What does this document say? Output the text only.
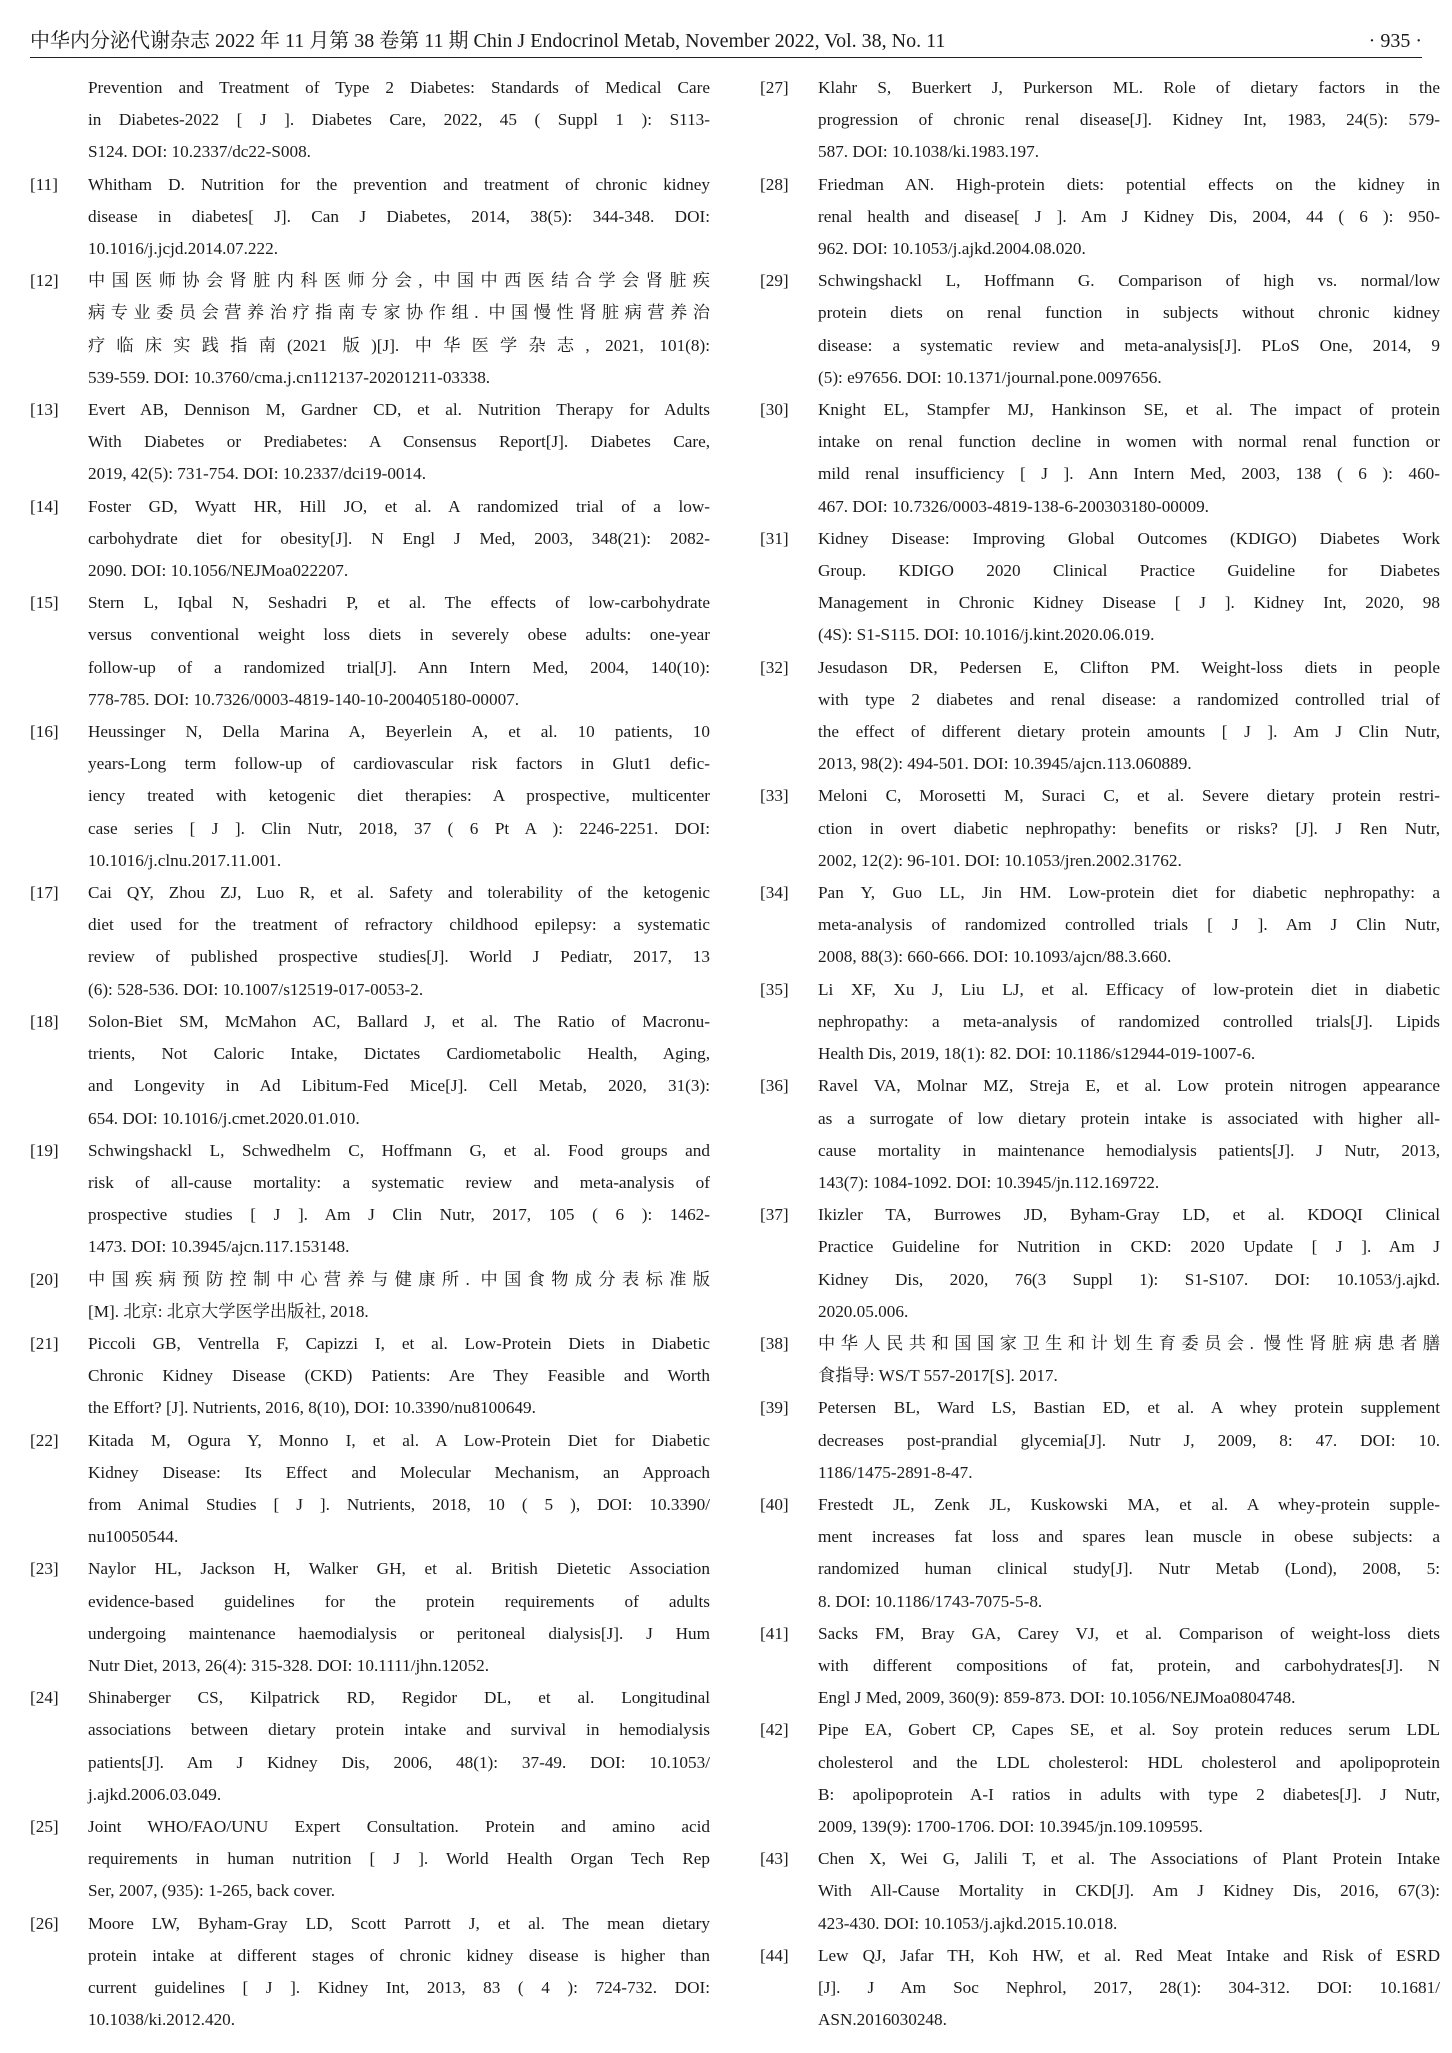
中华内分泌代谢杂志 2022 年 11 月第 38 卷第 11 期 Chin J Endocrinol Metab, November 2022, Vol. 38, No. 11	· 935 ·
Prevention and Treatment of Type 2 Diabetes: Standards of Medical Care
in Diabetes-2022 [ J ]. Diabetes Care, 2022, 45 ( Suppl 1 ): S113-
S124. DOI: 10.2337/dc22-S008.
[11]	Whitham D. Nutrition for the prevention and treatment of chronic kidney
disease in diabetes[ J]. Can J Diabetes, 2014, 38(5): 344-348. DOI:
10.1016/j.jcjd.2014.07.222.
[12]	中国医师协会肾脏内科医师分会, 中国中西医结合学会肾脏疾
病专业委员会营养治疗指南专家协作组. 中国慢性肾脏病营养治
疗临床实践指南(2021 版)[J]. 中华医学杂志, 2021, 101(8):
539-559. DOI: 10.3760/cma.j.cn112137-20201211-03338.
[13]	Evert AB, Dennison M, Gardner CD, et al. Nutrition Therapy for Adults
With Diabetes or Prediabetes: A Consensus Report[J]. Diabetes Care,
2019, 42(5): 731-754. DOI: 10.2337/dci19-0014.
[14]	Foster GD, Wyatt HR, Hill JO, et al. A randomized trial of a low-
carbohydrate diet for obesity[J]. N Engl J Med, 2003, 348(21): 2082-
2090. DOI: 10.1056/NEJMoa022207.
[15]	Stern L, Iqbal N, Seshadri P, et al. The effects of low-carbohydrate
versus conventional weight loss diets in severely obese adults: one-year
follow-up of a randomized trial[J]. Ann Intern Med, 2004, 140(10):
778-785. DOI: 10.7326/0003-4819-140-10-200405180-00007.
[16]	Heussinger N, Della Marina A, Beyerlein A, et al. 10 patients, 10
years-Long term follow-up of cardiovascular risk factors in Glut1 defic-
iency treated with ketogenic diet therapies: A prospective, multicenter
case series [ J ]. Clin Nutr, 2018, 37 ( 6 Pt A ): 2246-2251. DOI:
10.1016/j.clnu.2017.11.001.
[17]	Cai QY, Zhou ZJ, Luo R, et al. Safety and tolerability of the ketogenic
diet used for the treatment of refractory childhood epilepsy: a systematic
review of published prospective studies[J]. World J Pediatr, 2017, 13
(6): 528-536. DOI: 10.1007/s12519-017-0053-2.
[18]	Solon-Biet SM, McMahon AC, Ballard J, et al. The Ratio of Macronu-
trients, Not Caloric Intake, Dictates Cardiometabolic Health, Aging,
and Longevity in Ad Libitum-Fed Mice[J]. Cell Metab, 2020, 31(3):
654. DOI: 10.1016/j.cmet.2020.01.010.
[19]	Schwingshackl L, Schwedhelm C, Hoffmann G, et al. Food groups and
risk of all-cause mortality: a systematic review and meta-analysis of
prospective studies [ J ]. Am J Clin Nutr, 2017, 105 ( 6 ): 1462-
1473. DOI: 10.3945/ajcn.117.153148.
[20]	中国疾病预防控制中心营养与健康所. 中国食物成分表标准版
[M]. 北京: 北京大学医学出版社, 2018.
[21]	Piccoli GB, Ventrella F, Capizzi I, et al. Low-Protein Diets in Diabetic
Chronic Kidney Disease (CKD) Patients: Are They Feasible and Worth
the Effort? [J]. Nutrients, 2016, 8(10), DOI: 10.3390/nu8100649.
[22]	Kitada M, Ogura Y, Monno I, et al. A Low-Protein Diet for Diabetic
Kidney Disease: Its Effect and Molecular Mechanism, an Approach
from Animal Studies [ J ]. Nutrients, 2018, 10 ( 5 ), DOI: 10.3390/
nu10050544.
[23]	Naylor HL, Jackson H, Walker GH, et al. British Dietetic Association
evidence-based guidelines for the protein requirements of adults
undergoing maintenance haemodialysis or peritoneal dialysis[J]. J Hum
Nutr Diet, 2013, 26(4): 315-328. DOI: 10.1111/jhn.12052.
[24]	Shinaberger CS, Kilpatrick RD, Regidor DL, et al. Longitudinal
associations between dietary protein intake and survival in hemodialysis
patients[J]. Am J Kidney Dis, 2006, 48(1): 37-49. DOI: 10.1053/
j.ajkd.2006.03.049.
[25]	Joint WHO/FAO/UNU Expert Consultation. Protein and amino acid
requirements in human nutrition [ J ]. World Health Organ Tech Rep
Ser, 2007, (935): 1-265, back cover.
[26]	Moore LW, Byham-Gray LD, Scott Parrott J, et al. The mean dietary
protein intake at different stages of chronic kidney disease is higher than
current guidelines [ J ]. Kidney Int, 2013, 83 ( 4 ): 724-732. DOI:
10.1038/ki.2012.420.
[27]	Klahr S, Buerkert J, Purkerson ML. Role of dietary factors in the
progression of chronic renal disease[J]. Kidney Int, 1983, 24(5): 579-
587. DOI: 10.1038/ki.1983.197.
[28]	Friedman AN. High-protein diets: potential effects on the kidney in
renal health and disease[ J ]. Am J Kidney Dis, 2004, 44 ( 6 ): 950-
962. DOI: 10.1053/j.ajkd.2004.08.020.
[29]	Schwingshackl L, Hoffmann G. Comparison of high vs. normal/low
protein diets on renal function in subjects without chronic kidney
disease: a systematic review and meta-analysis[J]. PLoS One, 2014, 9
(5): e97656. DOI: 10.1371/journal.pone.0097656.
[30]	Knight EL, Stampfer MJ, Hankinson SE, et al. The impact of protein
intake on renal function decline in women with normal renal function or
mild renal insufficiency [ J ]. Ann Intern Med, 2003, 138 ( 6 ): 460-
467. DOI: 10.7326/0003-4819-138-6-200303180-00009.
[31]	Kidney Disease: Improving Global Outcomes (KDIGO) Diabetes Work
Group. KDIGO 2020 Clinical Practice Guideline for Diabetes
Management in Chronic Kidney Disease [ J ]. Kidney Int, 2020, 98
(4S): S1-S115. DOI: 10.1016/j.kint.2020.06.019.
[32]	Jesudason DR, Pedersen E, Clifton PM. Weight-loss diets in people
with type 2 diabetes and renal disease: a randomized controlled trial of
the effect of different dietary protein amounts [ J ]. Am J Clin Nutr,
2013, 98(2): 494-501. DOI: 10.3945/ajcn.113.060889.
[33]	Meloni C, Morosetti M, Suraci C, et al. Severe dietary protein restri-
ction in overt diabetic nephropathy: benefits or risks? [J]. J Ren Nutr,
2002, 12(2): 96-101. DOI: 10.1053/jren.2002.31762.
[34]	Pan Y, Guo LL, Jin HM. Low-protein diet for diabetic nephropathy: a
meta-analysis of randomized controlled trials [ J ]. Am J Clin Nutr,
2008, 88(3): 660-666. DOI: 10.1093/ajcn/88.3.660.
[35]	Li XF, Xu J, Liu LJ, et al. Efficacy of low-protein diet in diabetic
nephropathy: a meta-analysis of randomized controlled trials[J]. Lipids
Health Dis, 2019, 18(1): 82. DOI: 10.1186/s12944-019-1007-6.
[36]	Ravel VA, Molnar MZ, Streja E, et al. Low protein nitrogen appearance
as a surrogate of low dietary protein intake is associated with higher all-
cause mortality in maintenance hemodialysis patients[J]. J Nutr, 2013,
143(7): 1084-1092. DOI: 10.3945/jn.112.169722.
[37]	Ikizler TA, Burrowes JD, Byham-Gray LD, et al. KDOQI Clinical
Practice Guideline for Nutrition in CKD: 2020 Update [ J ]. Am J
Kidney Dis, 2020, 76(3 Suppl 1): S1-S107. DOI: 10.1053/j.ajkd.
2020.05.006.
[38]	中华人民共和国国家卫生和计划生育委员会. 慢性肾脏病患者膳
食指导: WS/T 557-2017[S]. 2017.
[39]	Petersen BL, Ward LS, Bastian ED, et al. A whey protein supplement
decreases post-prandial glycemia[J]. Nutr J, 2009, 8: 47. DOI: 10.
1186/1475-2891-8-47.
[40]	Frestedt JL, Zenk JL, Kuskowski MA, et al. A whey-protein supple-
ment increases fat loss and spares lean muscle in obese subjects: a
randomized human clinical study[J]. Nutr Metab (Lond), 2008, 5:
8. DOI: 10.1186/1743-7075-5-8.
[41]	Sacks FM, Bray GA, Carey VJ, et al. Comparison of weight-loss diets
with different compositions of fat, protein, and carbohydrates[J]. N
Engl J Med, 2009, 360(9): 859-873. DOI: 10.1056/NEJMoa0804748.
[42]	Pipe EA, Gobert CP, Capes SE, et al. Soy protein reduces serum LDL
cholesterol and the LDL cholesterol: HDL cholesterol and apolipoprotein
B: apolipoprotein A-I ratios in adults with type 2 diabetes[J]. J Nutr,
2009, 139(9): 1700-1706. DOI: 10.3945/jn.109.109595.
[43]	Chen X, Wei G, Jalili T, et al. The Associations of Plant Protein Intake
With All-Cause Mortality in CKD[J]. Am J Kidney Dis, 2016, 67(3):
423-430. DOI: 10.1053/j.ajkd.2015.10.018.
[44]	Lew QJ, Jafar TH, Koh HW, et al. Red Meat Intake and Risk of ESRD
[J]. J Am Soc Nephrol, 2017, 28(1): 304-312. DOI: 10.1681/
ASN.2016030248.
